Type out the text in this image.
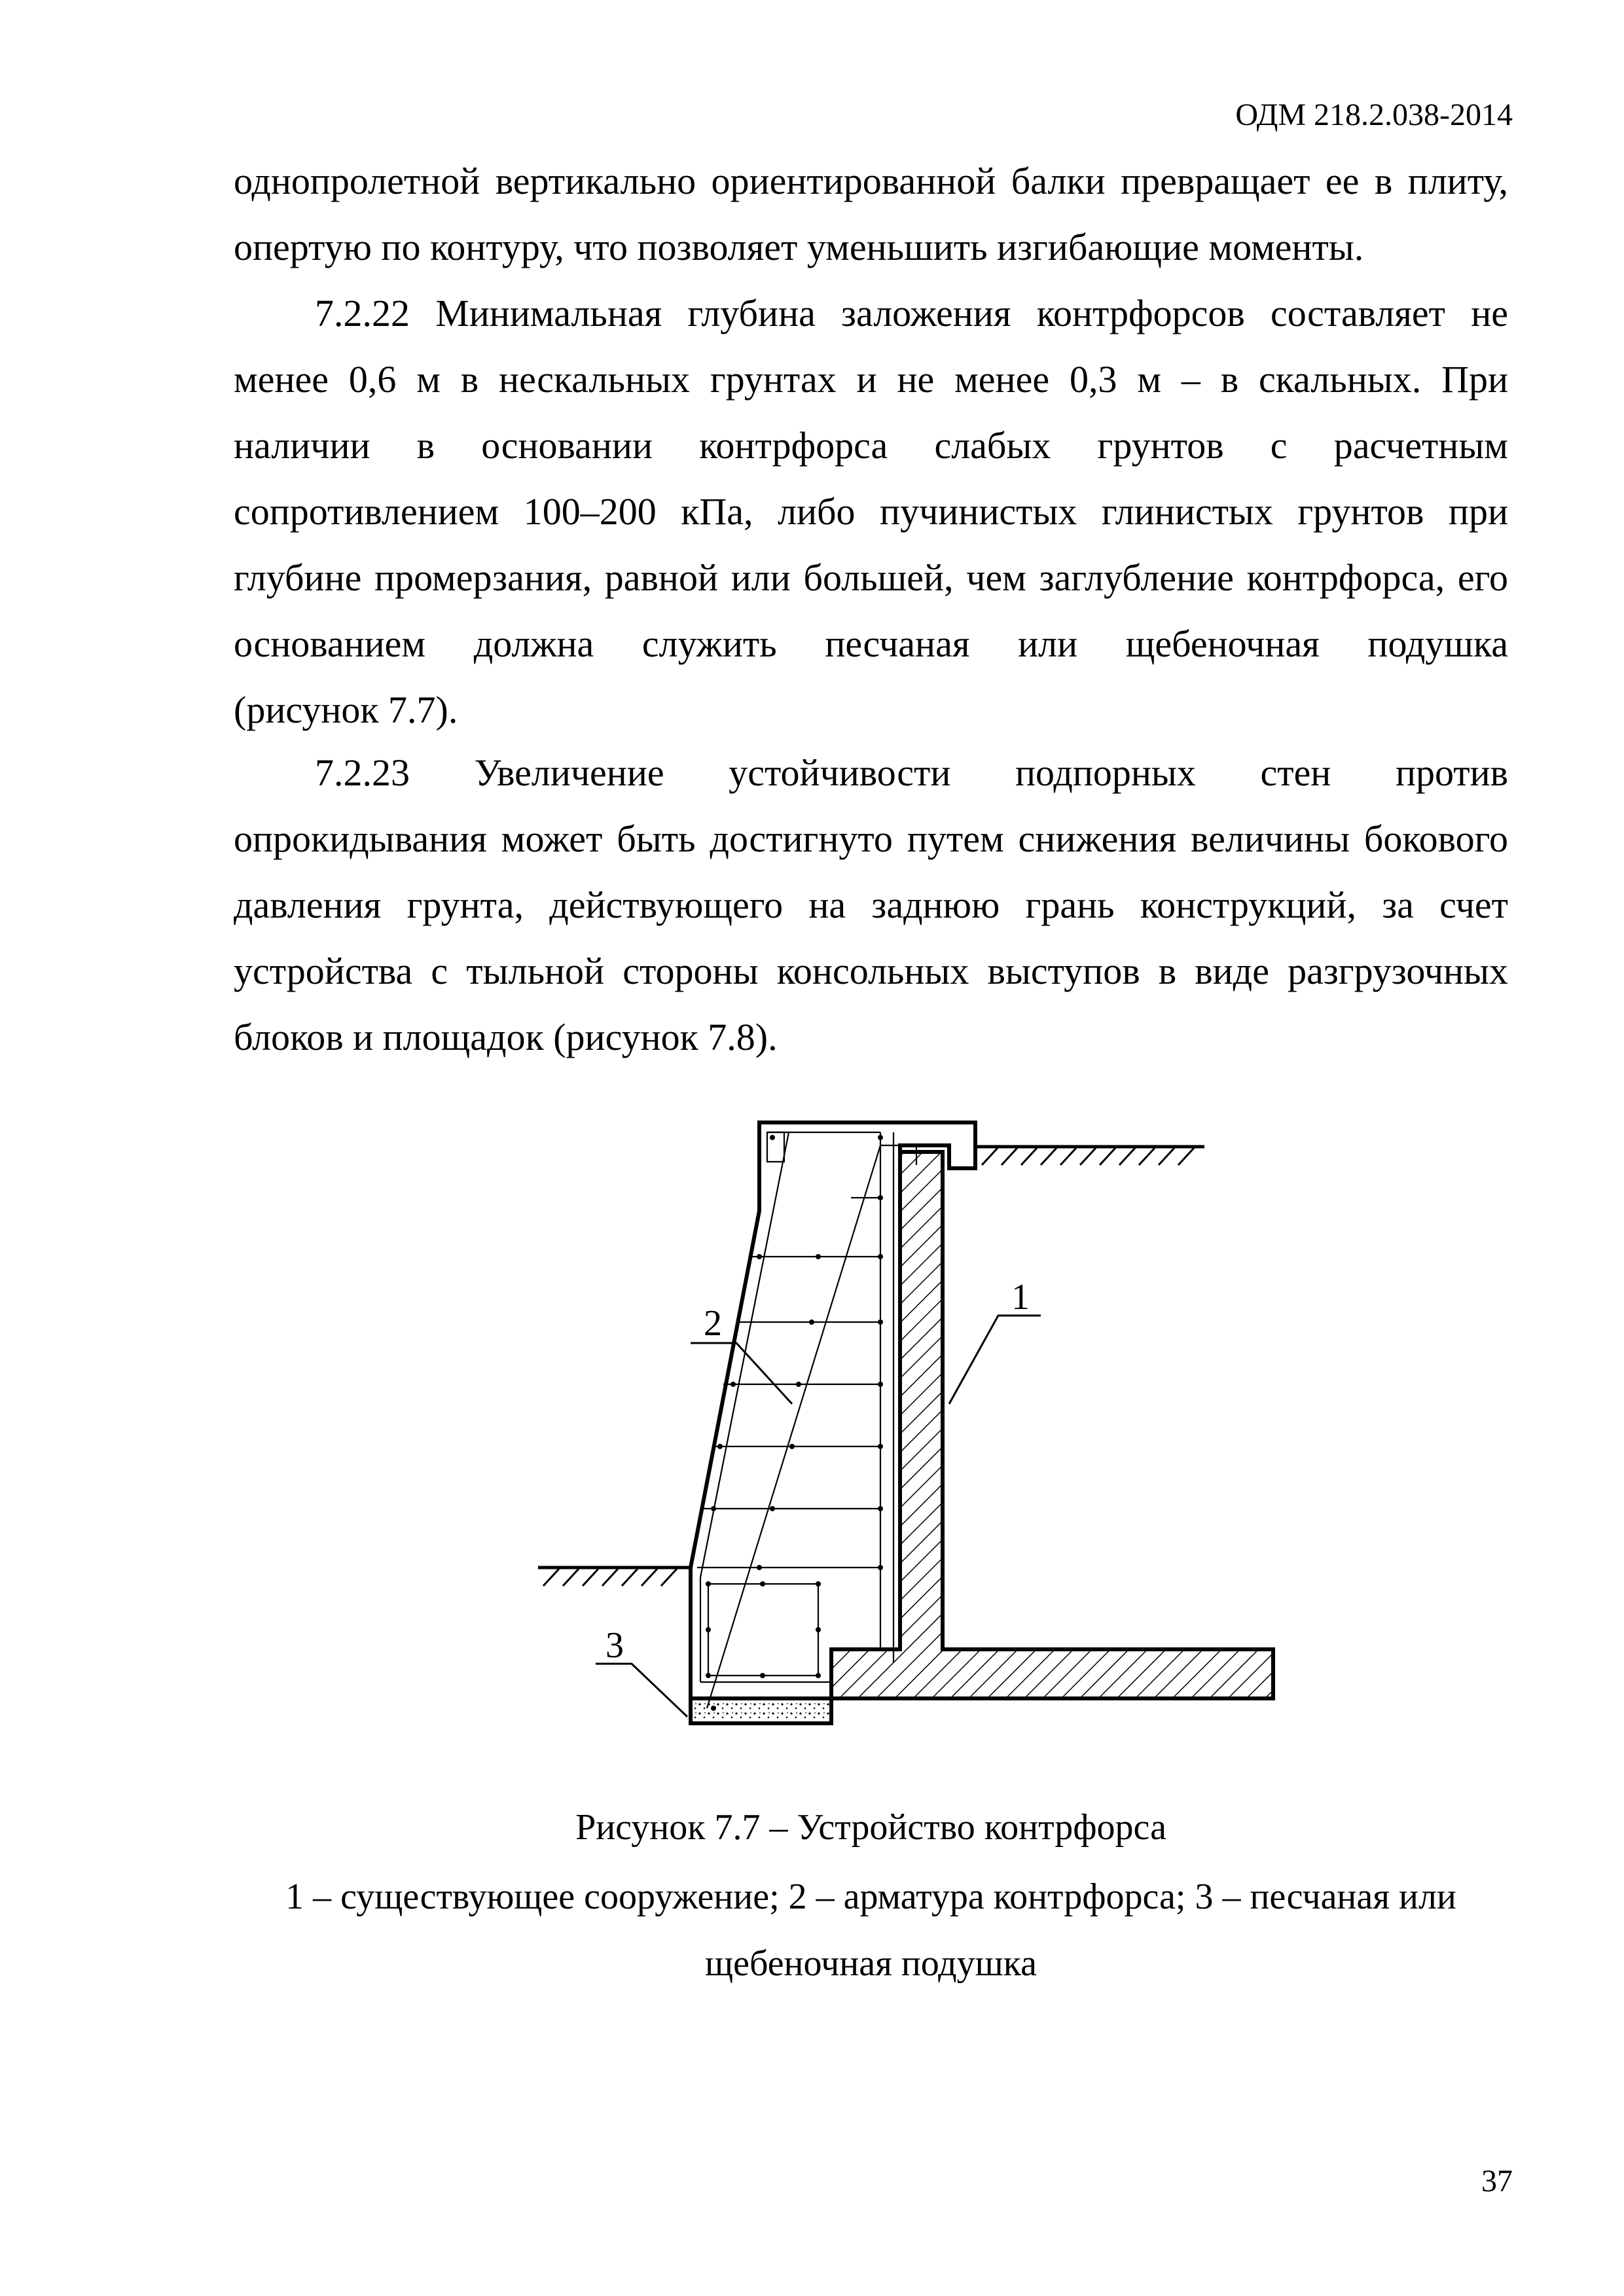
ОДМ 218.2.038-2014

однопролетной вертикально ориентированной балки превращает ее в плиту,

опертую по контуру, что позволяет уменьшить изгибающие моменты.

7.2.22 Минимальная глубина заложения контрфорсов составляет не

менее 0,6 м в нескальных грунтах и не менее 0,3 м – в скальных. При

наличии в основании контрфорса слабых грунтов с расчетным

сопротивлением 100–200 кПа, либо пучинистых глинистых грунтов при

глубине промерзания, равной или большей, чем заглубление контрфорса, его

основанием должна служить песчаная или щебеночная подушка

(рисунок 7.7).

7.2.23 Увеличение устойчивости подпорных стен против

опрокидывания может быть достигнуто путем снижения величины бокового

давления грунта, действующего на заднюю грань конструкций, за счет

устройства с тыльной стороны консольных выступов в виде разгрузочных

блоков и площадок (рисунок 7.8).

1
2
3
Рисунок 7.7 – Устройство контрфорса
1 – существующее сооружение; 2 – арматура контрфорса; 3 – песчаная или
щебеночная подушка
37
